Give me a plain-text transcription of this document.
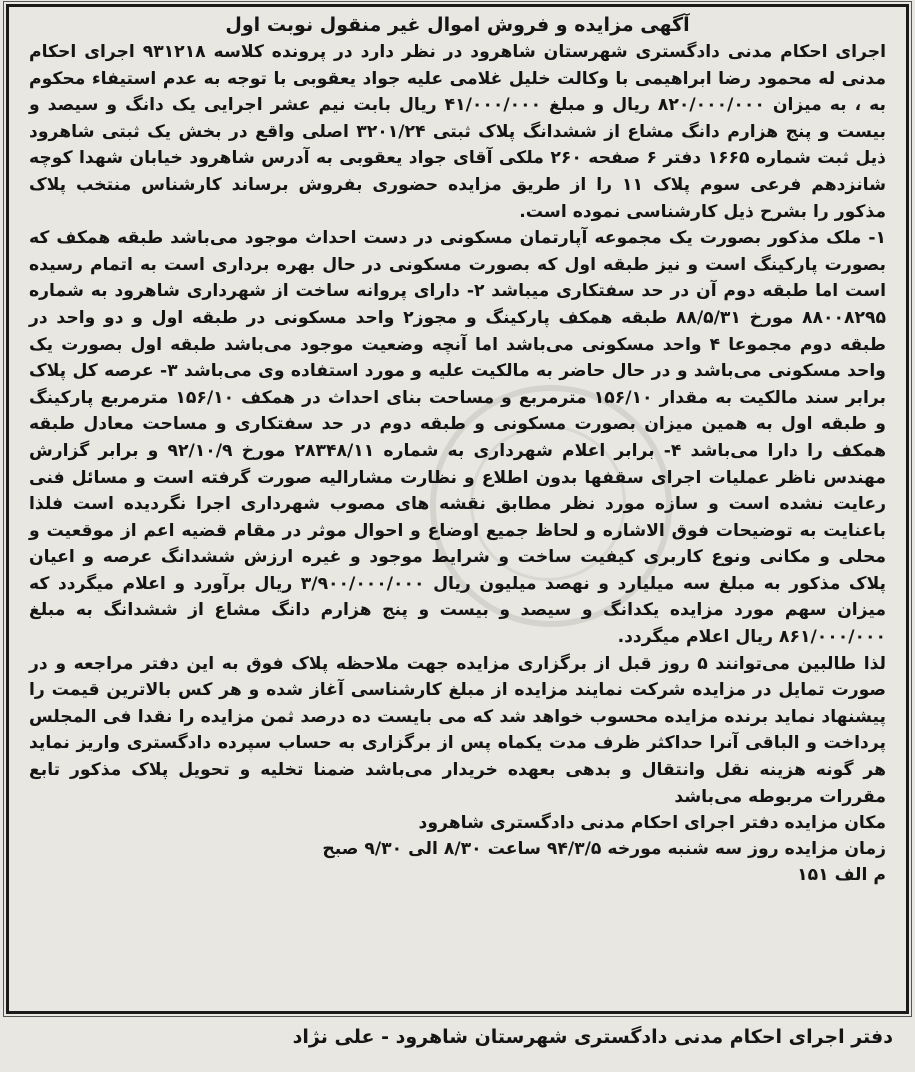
آگهی مزایده و فروش اموال غیر منقول نوبت اول

اجرای احکام مدنی دادگستری شهرستان شاهرود در نظر دارد در پرونده کلاسه ۹۳۱۲۱۸ اجرای احکام مدنی له محمود رضا ابراهیمی با وکالت خلیل غلامی علیه جواد یعقوبی با توجه به عدم استیفاء محکوم به ، به میزان ۸۲۰/۰۰۰/۰۰۰ ریال و مبلغ ۴۱/۰۰۰/۰۰۰ ریال بابت نیم عشر اجرایی یک دانگ و سیصد و بیست و پنج هزارم دانگ مشاع از ششدانگ پلاک ثبتی ۳۲۰۱/۲۴ اصلی واقع در بخش یک ثبتی شاهرود ذیل ثبت شماره ۱۶۶۵ دفتر ۶ صفحه ۲۶۰ ملکی آقای جواد یعقوبی به آدرس شاهرود خیابان شهدا کوچه شانزدهم فرعی سوم پلاک ۱۱ را از طریق مزایده حضوری بفروش برساند کارشناس منتخب پلاک مذکور را بشرح ذیل کارشناسی نموده است.

۱- ملک مذکور بصورت یک مجموعه آپارتمان مسکونی در دست احداث موجود می‌باشد طبقه همکف که بصورت پارکینگ است و نیز طبقه اول که بصورت مسکونی در حال بهره برداری است به اتمام رسیده است اما طبقه دوم آن در حد سفتکاری میباشد ۲- دارای پروانه ساخت از شهرداری شاهرود به شماره ۸۸۰۰۸۲۹۵ مورخ ۸۸/۵/۳۱ طبقه همکف پارکینگ و مجوز۲ واحد مسکونی در طبقه اول و دو واحد در طبقه دوم مجموعا ۴ واحد مسکونی می‌باشد اما آنچه وضعیت موجود می‌باشد طبقه اول بصورت یک واحد مسکونی می‌باشد و در حال حاضر به مالکیت علیه و مورد استفاده وی می‌باشد ۳- عرصه کل پلاک برابر سند مالکیت به مقدار ۱۵۶/۱۰ مترمربع و مساحت بنای احداث در همکف ۱۵۶/۱۰ مترمربع پارکینگ و طبقه اول به همین میزان بصورت مسکونی و طبقه دوم در حد سفتکاری و مساحت معادل طبقه همکف را دارا می‌باشد ۴- برابر اعلام شهرداری به شماره ۲۸۳۴۸/۱۱ مورخ ۹۲/۱۰/۹ و برابر گزارش مهندس ناظر عملیات اجرای سقفها بدون اطلاع و نظارت مشارالیه صورت گرفته است و مسائل فنی رعایت نشده است و سازه مورد نظر مطابق نقشه های مصوب شهرداری اجرا نگردیده است فلذا باعنایت به توضیحات فوق الاشاره و لحاظ جمیع اوضاع و احوال موثر در مقام قضیه اعم از موقعیت و محلی و مکانی ونوع کاربری کیفیت ساخت و شرایط موجود و غیره ارزش ششدانگ عرصه و اعیان پلاک مذکور به مبلغ سه میلیارد و نهصد میلیون ریال ۳/۹۰۰/۰۰۰/۰۰۰ ریال برآورد و اعلام میگردد که میزان سهم مورد مزایده یکدانگ و سیصد و بیست و پنج هزارم دانگ مشاع از ششدانگ به مبلغ ۸۶۱/۰۰۰/۰۰۰ ریال اعلام میگردد.

لذا طالبین می‌توانند ۵ روز قبل از برگزاری مزایده جهت ملاحظه پلاک فوق به این دفتر مراجعه و در صورت تمایل در مزایده شرکت نمایند مزایده از مبلغ کارشناسی آغاز شده و هر کس بالاترین قیمت را پیشنهاد نماید برنده مزایده محسوب خواهد شد که می بایست ده درصد ثمن مزایده را نقدا فی المجلس پرداخت و الباقی آنرا حداکثر ظرف مدت یکماه پس از برگزاری به حساب سپرده دادگستری واریز نماید هر گونه هزینه نقل وانتقال و بدهی بعهده خریدار می‌باشد ضمنا تخلیه و تحویل پلاک مذکور تابع مقررات مربوطه می‌باشد

مکان مزایده دفتر اجرای احکام مدنی دادگستری شاهرود

زمان مزایده روز سه شنبه مورخه ۹۴/۳/۵ ساعت ۸/۳۰ الی ۹/۳۰ صبح

م الف ۱۵۱

دفتر اجرای احکام مدنی دادگستری شهرستان شاهرود - علی نژاد
